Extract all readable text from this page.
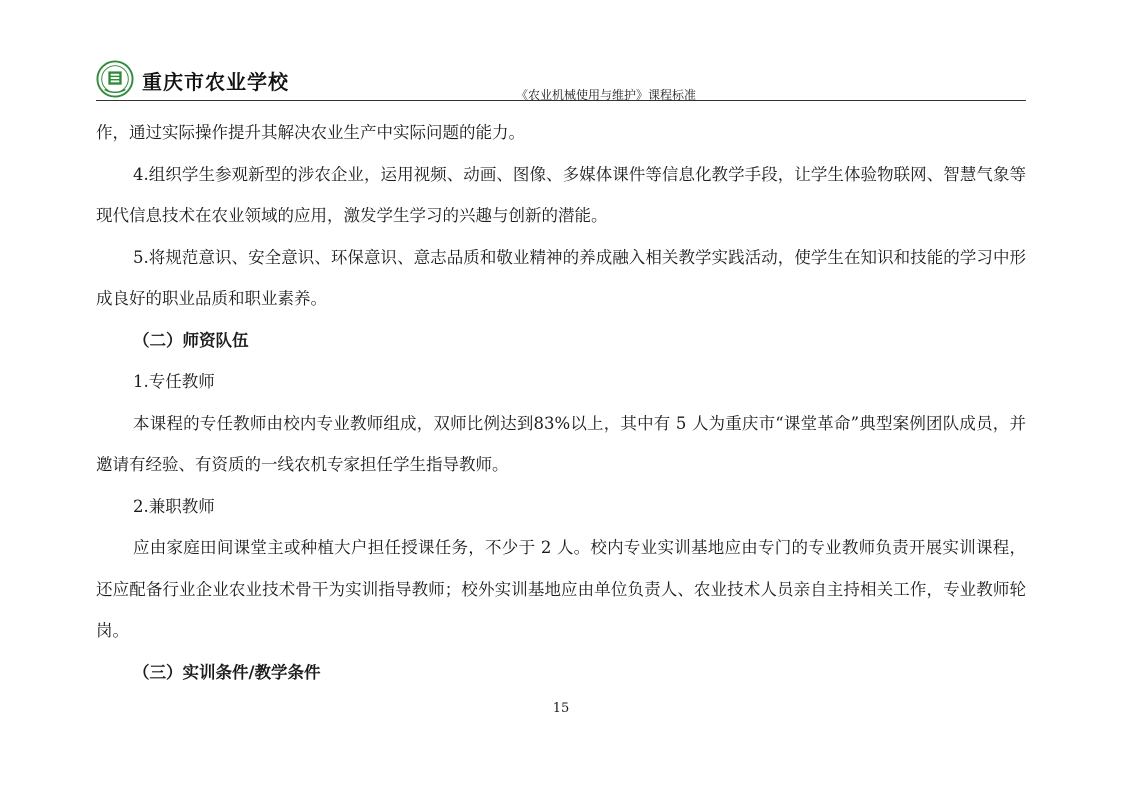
重庆市农业学校
《农业机械使用与维护》课程标准

作，通过实际操作提升其解决农业生产中实际问题的能力。

4.组织学生参观新型的涉农企业，运用视频、动画、图像、多媒体课件等信息化教学手段，让学生体验物联网、智慧气象等现代信息技术在农业领域的应用，激发学生学习的兴趣与创新的潜能。

5.将规范意识、安全意识、环保意识、意志品质和敬业精神的养成融入相关教学实践活动，使学生在知识和技能的学习中形成良好的职业品质和职业素养。

（二）师资队伍

1.专任教师

本课程的专任教师由校内专业教师组成，双师比例达到83%以上，其中有 5 人为重庆市“课堂革命”典型案例团队成员，并邀请有经验、有资质的一线农机专家担任学生指导教师。

2.兼职教师

应由家庭田间课堂主或种植大户担任授课任务，不少于 2 人。校内专业实训基地应由专门的专业教师负责开展实训课程，还应配备行业企业农业技术骨干为实训指导教师；校外实训基地应由单位负责人、农业技术人员亲自主持相关工作，专业教师轮岗。

（三）实训条件/教学条件

15
